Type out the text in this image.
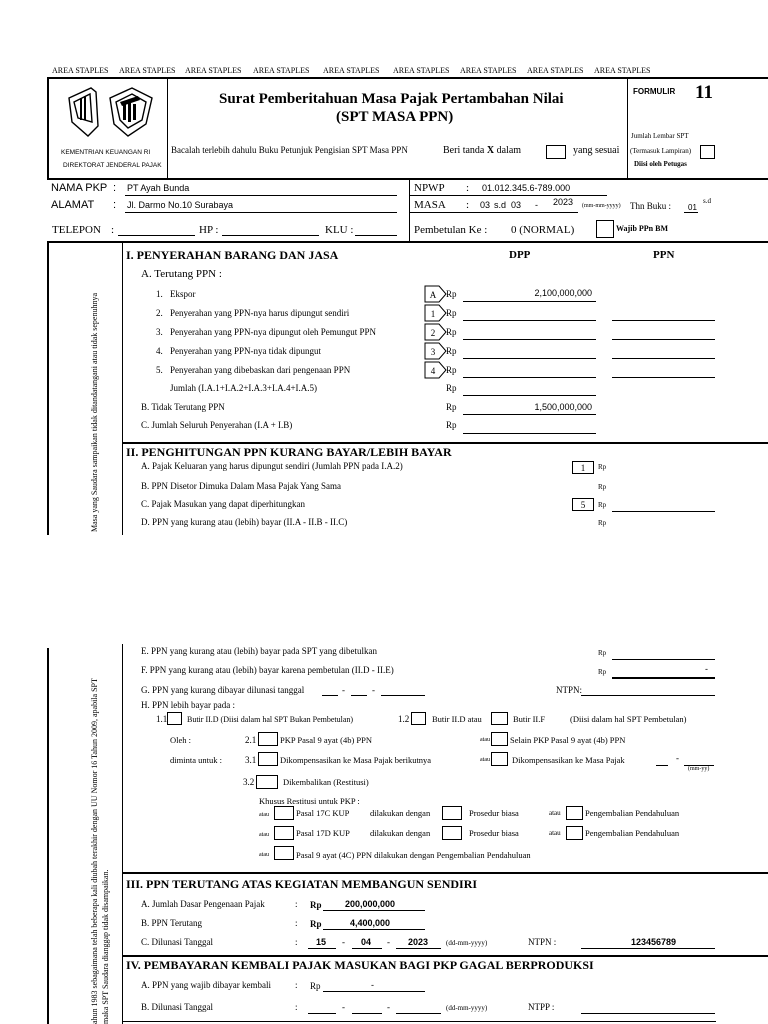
AREA STAPLES AREA STAPLES AREA STAPLES AREA STAPLES AREA STAPLES AREA STAPLES AREA STAPLES AREA STAPLES AREA STAPLES
KEMENTRIAN KEUANGAN RI
DIREKTORAT JENDERAL PAJAK
Surat Pemberitahuan Masa Pajak Pertambahan Nilai
(SPT MASA PPN)
Bacalah terlebih dahulu Buku Petunjuk Pengisian SPT Masa PPN	Beri tanda X dalam	yang sesuai
FORMULIR 11
Jumlah Lembar SPT
(Termasuk Lampiran)
Diisi oleh Petugas
NAMA PKP : PT Ayah Bunda
ALAMAT : Jl. Darmo No.10 Surabaya
TELEPON :	HP :	KLU :
NPWP : 01.012.345.6-789.000
MASA : 03 s.d 03 - 2023 (mm-mm-yyyy) Thn Buku : 01
s.d
Pembetulan Ke : 0 (NORMAL)	Wajib PPn BM
Masa yang Saudara sampaikan tidak ditandatangani atau tidak sepenuhnya
ahun 1983 sebagaimana telah beberapa kali diubah terakhir dengan UU Nomor 16 Tahun 2009, apabila SPT maka SPT Saudara dianggap tidak disampaikan.
I. PENYERAHAN BARANG DAN JASA	DPP	PPN
A. Terutang PPN :
1. Ekspor	A Rp	2,100,000,000
2. Penyerahan yang PPN-nya harus dipungut sendiri	1 Rp
3. Penyerahan yang PPN-nya dipungut oleh Pemungut PPN	2 Rp
4. Penyerahan yang PPN-nya tidak dipungut	3 Rp
5. Penyerahan yang dibebaskan dari pengenaan PPN	4 Rp
Jumlah (I.A.1+I.A.2+I.A.3+I.A.4+I.A.5)	Rp
B. Tidak Terutang PPN	Rp	1,500,000,000
C. Jumlah Seluruh Penyerahan (I.A + I.B)	Rp
II. PENGHITUNGAN PPN KURANG BAYAR/LEBIH BAYAR
A. Pajak Keluaran yang harus dipungut sendiri (Jumlah PPN pada I.A.2)	1	Rp
B. PPN Disetor Dimuka Dalam Masa Pajak Yang Sama	Rp
C. Pajak Masukan yang dapat diperhitungkan	5	Rp
D. PPN yang kurang atau (lebih) bayar (II.A - II.B - II.C)	Rp
E. PPN yang kurang atau (lebih) bayar pada SPT yang dibetulkan	Rp
F. PPN yang kurang atau (lebih) bayar karena pembetulan (II.D - II.E)	Rp	-
G. PPN yang kurang dibayar dilunasi tanggal	-	-	NTPN:
H. PPN lebih bayar pada :
1.1 Butir II.D (Diisi dalam hal SPT Bukan Pembetulan)	1.2	Butir II.D atau	Butir II.F	(Diisi dalam hal SPT Pembetulan)
Oleh :	2.1	PKP Pasal 9 ayat (4b) PPN	atau Selain PKP Pasal 9 ayat (4b) PPN
diminta untuk :	3.1	Dikompensasikan ke Masa Pajak berikutnya	atau	Dikompensasikan ke Masa Pajak	-
(mm-yy)
3.2	Dikembalikan (Restitusi)
Khusus Restitusi untuk PKP :
atau	Pasal 17C KUP dilakukan dengan	Prosedur biasa	atau	Pengembalian Pendahuluan
atau	Pasal 17D KUP dilakukan dengan	Prosedur biasa	atau	Pengembalian Pendahuluan
atau	Pasal 9 ayat (4C) PPN dilakukan dengan Pengembalian Pendahuluan
III. PPN TERUTANG ATAS KEGIATAN MEMBANGUN SENDIRI
A. Jumlah Dasar Pengenaan Pajak	: Rp	200,000,000
B. PPN Terutang	: Rp	4,400,000
C. Dilunasi Tanggal	: 15 - 04 - 2023	(dd-mm-yyyy)	NTPN :	123456789
IV. PEMBAYARAN KEMBALI PAJAK MASUKAN BAGI PKP GAGAL BERPRODUKSI
A. PPN yang wajib dibayar kembali	: Rp	-
B. Dilunasi Tanggal	:	-	-	(dd-mm-yyyy)	NTPP :
